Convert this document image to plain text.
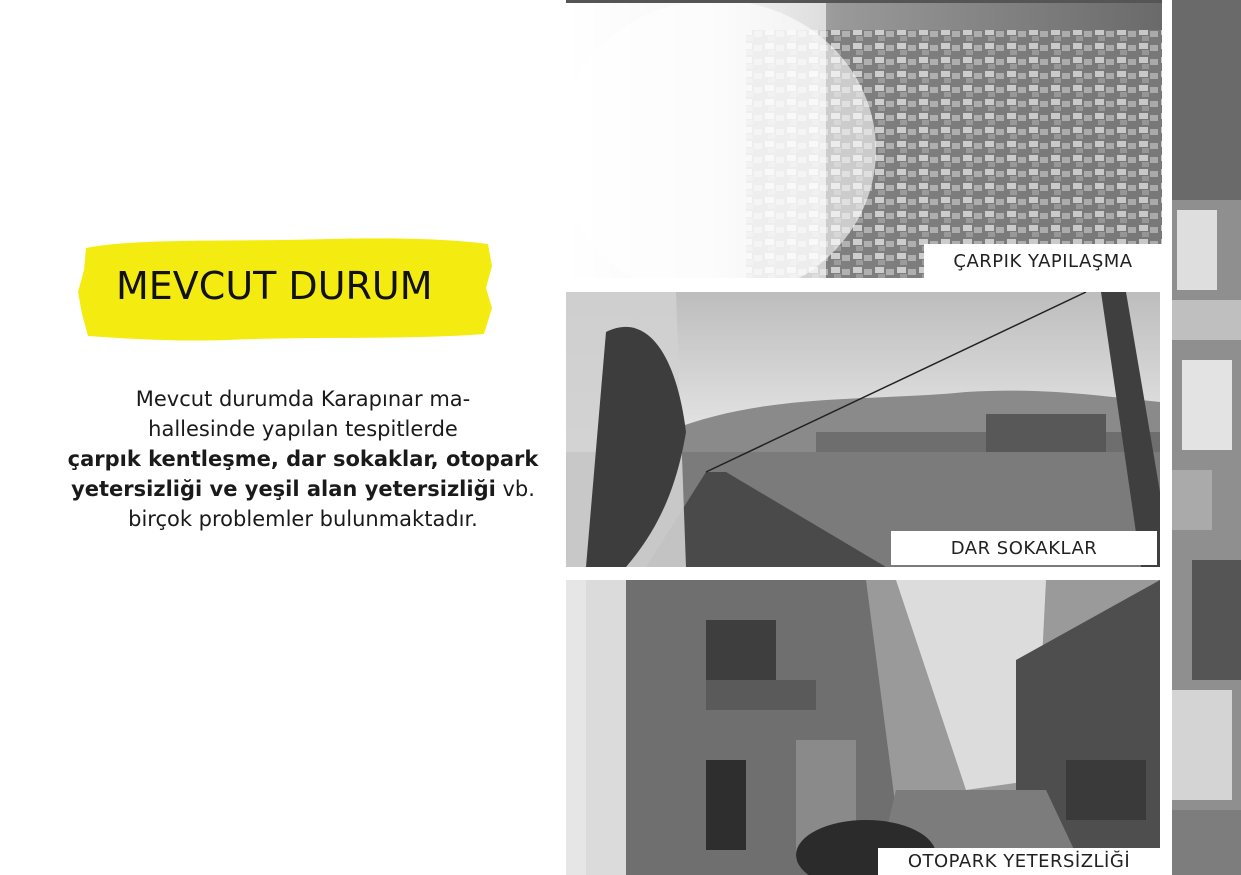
MEVCUT DURUM
Mevcut durumda Karapınar ma-
hallesinde yapılan tespitlerde
çarpık kentleşme, dar sokaklar, otopark
yetersizliği ve yeşil alan yetersizliği vb.
birçok problemler bulunmaktadır.
ÇARPIK YAPILAŞMA
DAR SOKAKLAR
OTOPARK YETERSİZLİĞİ
